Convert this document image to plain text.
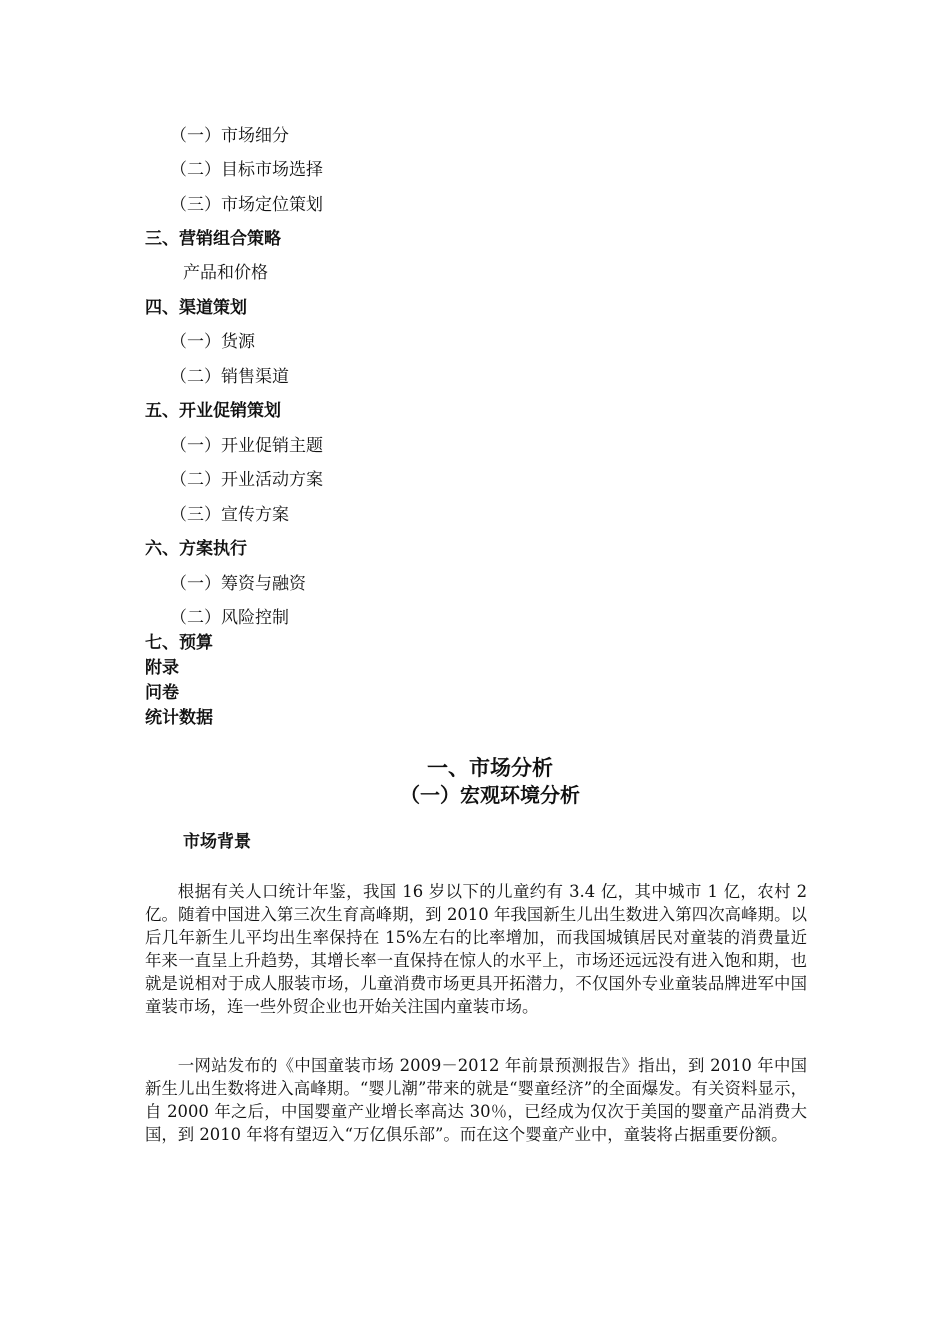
（一）市场细分
（二）目标市场选择
（三）市场定位策划
三、营销组合策略
产品和价格
四、渠道策划
（一）货源
（二）销售渠道
五、开业促销策划
（一）开业促销主题
（二）开业活动方案
（三）宣传方案
六、方案执行
（一）筹资与融资
（二）风险控制
七、预算
附录
问卷
统计数据
一、市场分析
（一）宏观环境分析
市场背景

根据有关人口统计年鉴，我国 16 岁以下的儿童约有 3.4 亿，其中城市 1 亿，农村 2 亿。随着中国进入第三次生育高峰期，到 2010 年我国新生儿出生数进入第四次高峰期。以后几年新生儿平均出生率保持在 15%左右的比率增加，而我国城镇居民对童装的消费量近年来一直呈上升趋势，其增长率一直保持在惊人的水平上，市场还远远没有进入饱和期，也就是说相对于成人服装市场，儿童消费市场更具开拓潜力，不仅国外专业童装品牌进军中国童装市场，连一些外贸企业也开始关注国内童装市场。

一网站发布的《中国童装市场 2009－2012 年前景预测报告》指出，到 2010 年中国新生儿出生数将进入高峰期。“婴儿潮”带来的就是“婴童经济”的全面爆发。有关资料显示，自 2000 年之后，中国婴童产业增长率高达 30％，已经成为仅次于美国的婴童产品消费大国，到 2010 年将有望迈入“万亿俱乐部”。而在这个婴童产业中，童装将占据重要份额。
